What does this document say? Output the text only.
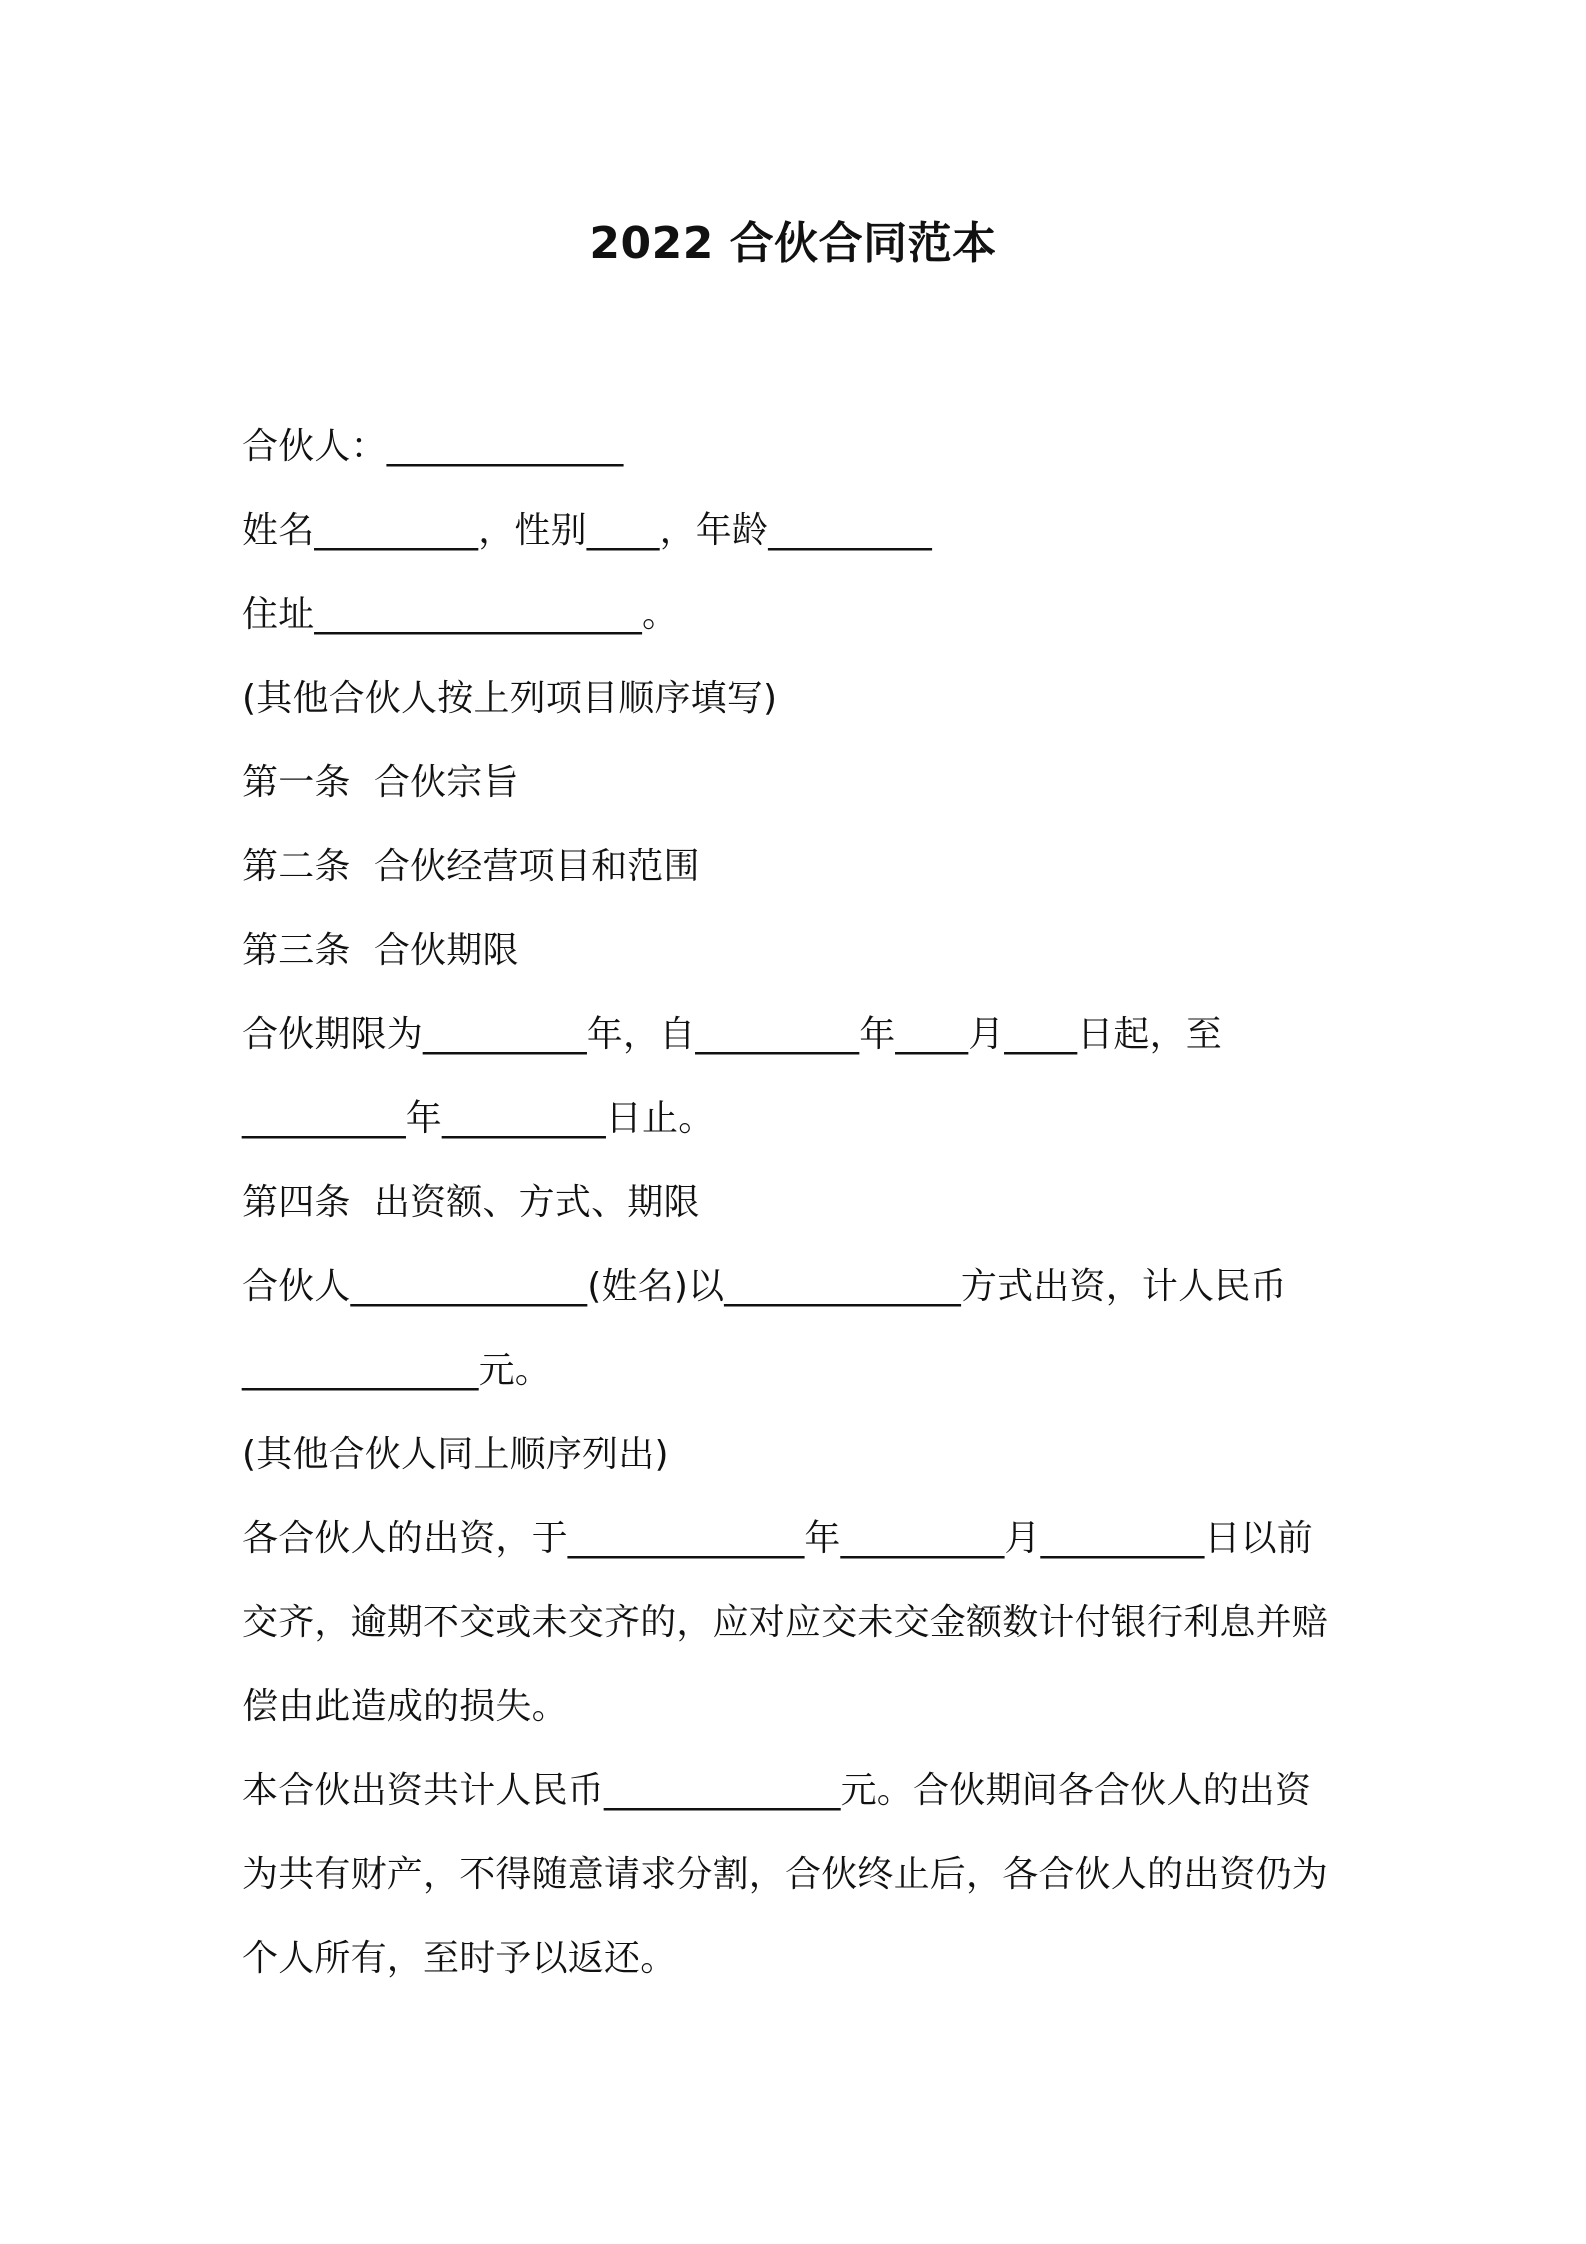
2022 合伙合同范本
合伙人：_____________
姓名_________，性别____，年龄_________
住址__________________。
(其他合伙人按上列项目顺序填写)
第一条  合伙宗旨
第二条  合伙经营项目和范围
第三条  合伙期限
合伙期限为_________年，自_________年____月____日起，至
_________年_________日止。
第四条  出资额、方式、期限
合伙人_____________(姓名)以_____________方式出资，计人民币
_____________元。
(其他合伙人同上顺序列出)
各合伙人的出资，于_____________年_________月_________日以前
交齐，逾期不交或未交齐的，应对应交未交金额数计付银行利息并赔
偿由此造成的损失。
本合伙出资共计人民币_____________元。合伙期间各合伙人的出资
为共有财产，不得随意请求分割，合伙终止后，各合伙人的出资仍为
个人所有，至时予以返还。
